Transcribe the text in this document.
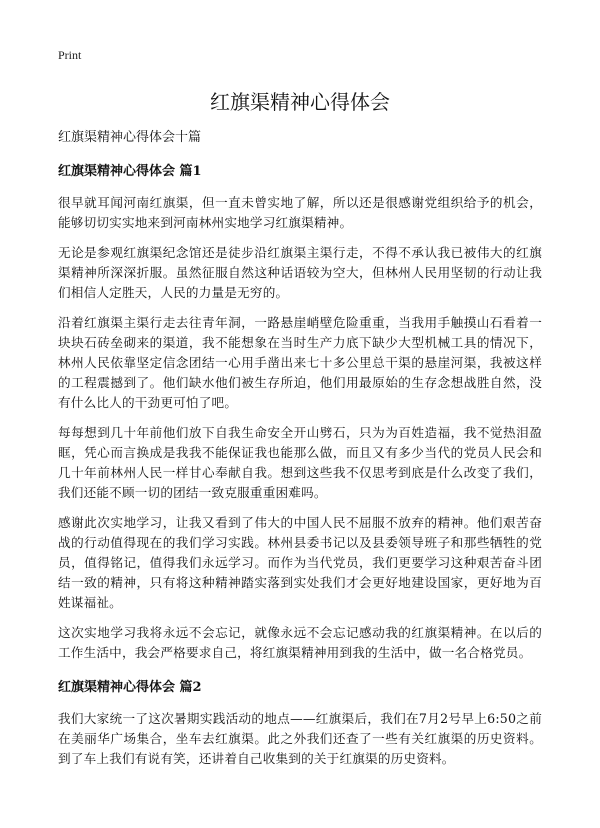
Print
红旗渠精神心得体会
红旗渠精神心得体会十篇
红旗渠精神心得体会 篇1

很早就耳闻河南红旗渠，但一直未曾实地了解，所以还是很感谢党组织给予的机会，能够切切实实地来到河南林州实地学习红旗渠精神。

无论是参观红旗渠纪念馆还是徒步沿红旗渠主渠行走，不得不承认我已被伟大的红旗渠精神所深深折服。虽然征服自然这种话语较为空大，但林州人民用坚韧的行动让我们相信人定胜天，人民的力量是无穷的。

沿着红旗渠主渠行走去往青年洞，一路悬崖峭壁危险重重，当我用手触摸山石看着一块块石砖垒砌来的渠道，我不能想象在当时生产力底下缺少大型机械工具的情况下，林州人民依靠坚定信念团结一心用手凿出来七十多公里总干渠的悬崖河渠，我被这样的工程震撼到了。他们缺水他们被生存所迫，他们用最原始的生存念想战胜自然，没有什么比人的干劲更可怕了吧。

每每想到几十年前他们放下自我生命安全开山劈石，只为为百姓造福，我不觉热泪盈眶，凭心而言换成是我我不能保证我也能那么做，而且又有多少当代的党员人民会和几十年前林州人民一样甘心奉献自我。想到这些我不仅思考到底是什么改变了我们，我们还能不顾一切的团结一致克服重重困难吗。

感谢此次实地学习，让我又看到了伟大的中国人民不屈服不放弃的精神。他们艰苦奋战的行动值得现在的我们学习实践。林州县委书记以及县委领导班子和那些牺牲的党员，值得铭记，值得我们永远学习。而作为当代党员，我们更要学习这种艰苦奋斗团结一致的精神，只有将这种精神踏实落到实处我们才会更好地建设国家，更好地为百姓谋福祉。

这次实地学习我将永远不会忘记，就像永远不会忘记感动我的红旗渠精神。在以后的工作生活中，我会严格要求自己，将红旗渠精神用到我的生活中，做一名合格党员。

红旗渠精神心得体会 篇2

我们大家统一了这次暑期实践活动的地点——红旗渠后，我们在7月2号早上6:50之前在美丽华广场集合，坐车去红旗渠。此之外我们还查了一些有关红旗渠的历史资料。到了车上我们有说有笑，还讲着自己收集到的关于红旗渠的历史资料。
